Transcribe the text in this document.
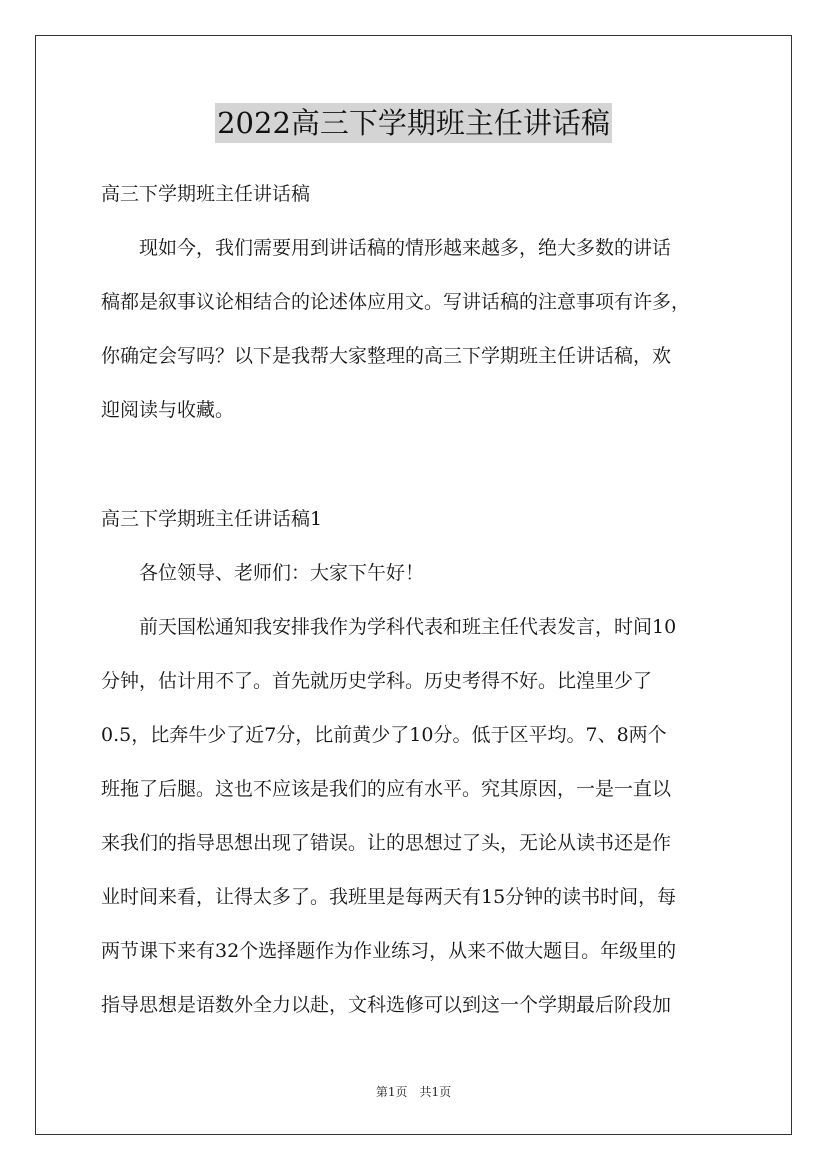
2022高三下学期班主任讲话稿
高三下学期班主任讲话稿
　　现如今，我们需要用到讲话稿的情形越来越多，绝大多数的讲话
稿都是叙事议论相结合的论述体应用文。写讲话稿的注意事项有许多，
你确定会写吗？以下是我帮大家整理的高三下学期班主任讲话稿，欢
迎阅读与收藏。
高三下学期班主任讲话稿1
　　各位领导、老师们：大家下午好！
　　前天国松通知我安排我作为学科代表和班主任代表发言，时间10
分钟，估计用不了。首先就历史学科。历史考得不好。比湟里少了
0.5，比奔牛少了近7分，比前黄少了10分。低于区平均。7、8两个
班拖了后腿。这也不应该是我们的应有水平。究其原因，一是一直以
来我们的指导思想出现了错误。让的思想过了头，无论从读书还是作
业时间来看，让得太多了。我班里是每两天有15分钟的读书时间，每
两节课下来有32个选择题作为作业练习，从来不做大题目。年级里的
指导思想是语数外全力以赴，文科选修可以到这一个学期最后阶段加
第1页　共1页
